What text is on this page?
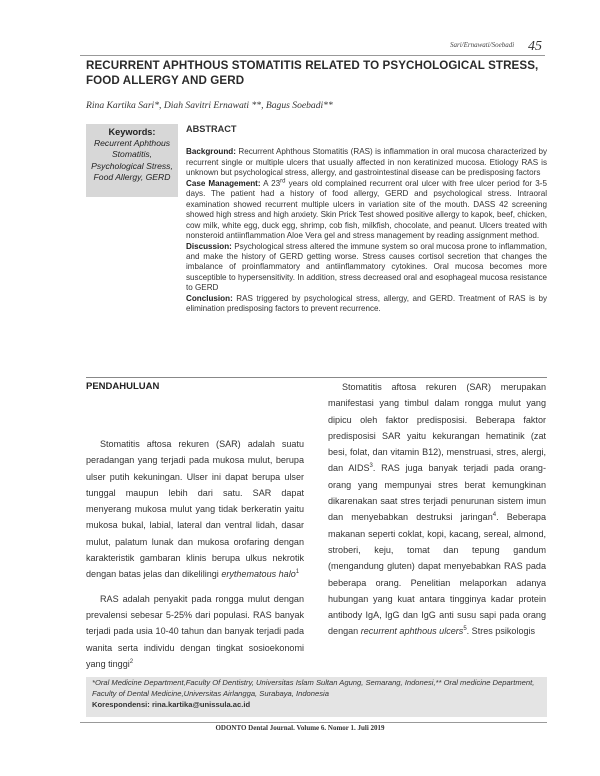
Sari/Ernawati/Soebadi 45
RECURRENT APHTHOUS STOMATITIS RELATED TO PSYCHOLOGICAL STRESS, FOOD ALLERGY AND GERD
Rina Kartika Sari*, Diah Savitri Ernawati **, Bagus Soebadi**
Keywords:
Recurrent Aphthous Stomatitis, Psychological Stress, Food Allergy, GERD
ABSTRACT

Background: Recurrent Aphthous Stomatitis (RAS) is inflammation in oral mucosa characterized by recurrent single or multiple ulcers that usually affected in non keratinized mucosa. Etiology RAS is unknown but psychological stress, allergy, and gastrointestinal disease can be predisposing factors

Case Management: A 23rd years old complained recurrent oral ulcer with free ulcer period for 3-5 days. The patient had a history of food allergy, GERD and psychological stress. Intraoral examination showed recurrent multiple ulcers in variation site of the mouth. DASS 42 screening showed high stress and high anxiety. Skin Prick Test showed positive allergy to kapok, beef, chicken, cow milk, white egg, duck egg, shrimp, cob fish, milkfish, chocolate, and peanut. Ulcers treated with nonsteroid antiinflammation Aloe Vera gel and stress management by reading assignment method.

Discussion: Psychological stress altered the immune system so oral mucosa prone to inflammation, and make the history of GERD getting worse. Stress causes cortisol secretion that changes the imbalance of proinflammatory and antiinflammatory cytokines. Oral mucosa becomes more susceptible to hypersensitivity. In addition, stress decreased oral and esophageal mucosa resistance to GERD

Conclusion: RAS triggered by psychological stress, allergy, and GERD. Treatment of RAS is by elimination predisposing factors to prevent recurrence.

PENDAHULUAN

Stomatitis aftosa rekuren (SAR) adalah suatu peradangan yang terjadi pada mukosa mulut, berupa ulser putih kekuningan. Ulser ini dapat berupa ulser tunggal maupun lebih dari satu. SAR dapat menyerang mukosa mulut yang tidak berkeratin yaitu mukosa bukal, labial, lateral dan ventral lidah, dasar mulut, palatum lunak dan mukosa orofaring dengan karakteristik gambaran klinis berupa ulkus nekrotik dengan batas jelas dan dikelilingi erythematous halo$^1$

RAS adalah penyakit pada rongga mulut dengan prevalensi sebesar 5-25% dari populasi. RAS banyak terjadi pada usia 10-40 tahun dan banyak terjadi pada wanita serta individu dengan tingkat sosioekonomi yang tinggi$^2$

Stomatitis aftosa rekuren (SAR) merupakan manifestasi yang timbul dalam rongga mulut yang dipicu oleh faktor predisposisi. Beberapa faktor predisposisi SAR yaitu kekurangan hematinik (zat besi, folat, dan vitamin B12), menstruasi, stres, alergi, dan AIDS$^3$. RAS juga banyak terjadi pada orang-orang yang mempunyai stres berat kemungkinan dikarenakan saat stres terjadi penurunan sistem imun dan menyebabkan destruksi jaringan$^4$. Beberapa makanan seperti coklat, kopi, kacang, sereal, almond, stroberi, keju, tomat dan tepung gandum (mengandung gluten) dapat menyebabkan RAS pada beberapa orang. Penelitian melaporkan adanya hubungan yang kuat antara tingginya kadar protein antibody IgA, IgG dan IgG anti susu sapi pada orang dengan recurrent aphthous ulcers$^5$. Stres psikologis

*Oral Medicine Department,Faculty Of Dentistry, Universitas Islam Sultan Agung, Semarang, Indonesi,** Oral medicine Department, Faculty of Dental Medicine,Universitas Airlangga, Surabaya, Indonesia
Korespondensi: rina.kartika@unissula.ac.id
ODONTO Dental Journal. Volume 6. Nomor 1. Juli 2019
